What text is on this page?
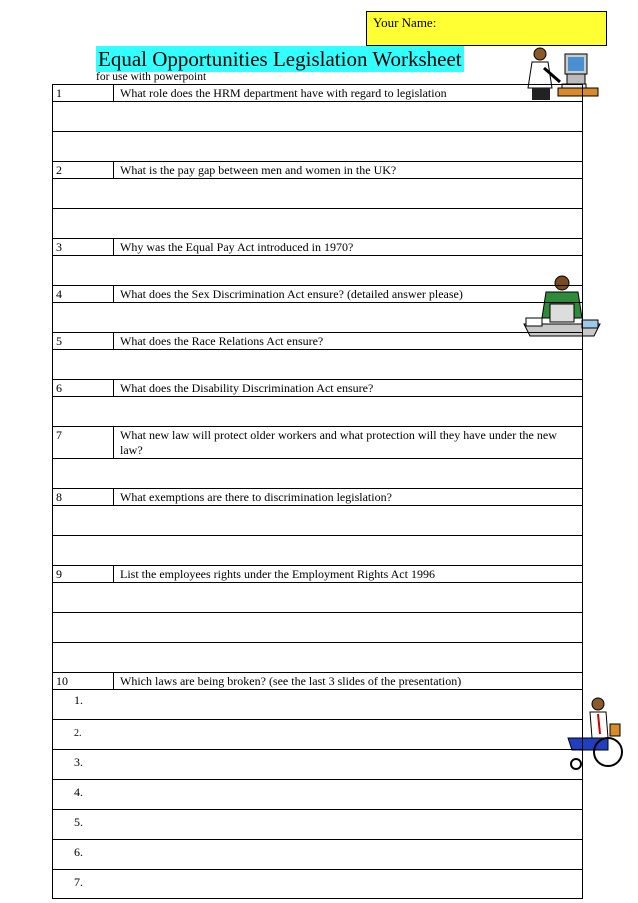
Your Name:
Equal Opportunities Legislation Worksheet
for use with powerpoint
1	What role does the HRM department have with regard to legislation
2	What is the pay gap between men and women in the UK?
3	Why was the Equal Pay Act introduced in 1970?
4	What does the Sex Discrimination Act ensure? (detailed answer please)
5	What does the Race Relations Act ensure?
6	What does the Disability Discrimination Act ensure?
7	What new law will protect older workers and what protection will they have under the new law?
8	What exemptions are there to discrimination legislation?
9	List the employees rights under the Employment Rights Act 1996
10	Which laws are being broken? (see the last 3 slides of the presentation)
1.
2.
3.
4.
5.
6.
7.
